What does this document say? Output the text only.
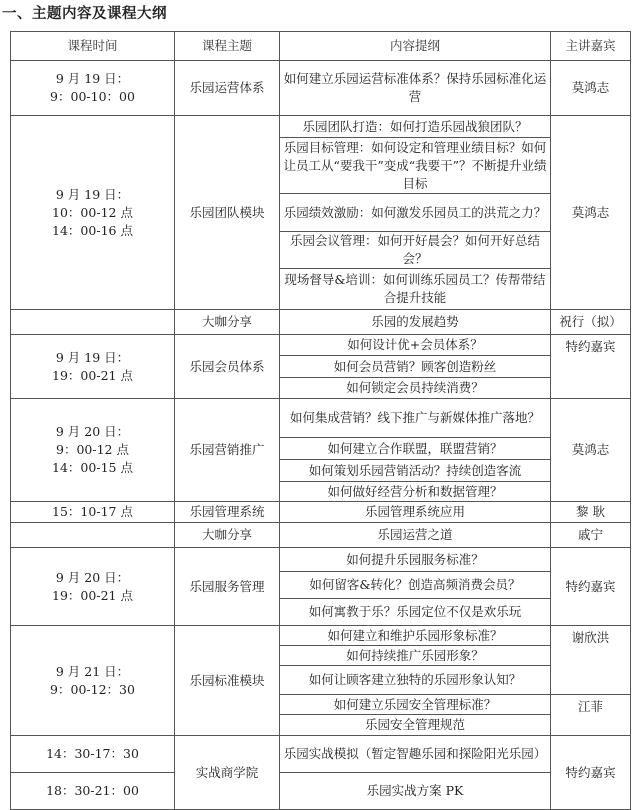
一、主题内容及课程大纲
课程时间	课程主题	内容提纲	主讲嘉宾
9 月 19 日：
9：00-10：00	乐园运营体系	如何建立乐园运营标准体系？保持乐园标准化运营	莫鸿志
9 月 19 日：
10：00-12 点
14：00-16 点	乐园团队模块	乐园团队打造：如何打造乐园战狼团队？	莫鸿志
		乐园目标管理：如何设定和管理业绩目标？如何让员工从“要我干”变成“我要干”？不断提升业绩目标	
		乐园绩效激励：如何激发乐园员工的洪荒之力？	
		乐园会议管理：如何开好晨会？如何开好总结会？	
		现场督导&培训：如何训练乐园员工？传帮带结合提升技能	
	大咖分享	乐园的发展趋势	祝行（拟）
9 月 19 日：
19：00-21 点	乐园会员体系	如何设计优+会员体系？	特约嘉宾
		如何会员营销？顾客创造粉丝	
		如何锁定会员持续消费？	
9 月 20 日：
9：00-12 点
14：00-15 点	乐园营销推广	如何集成营销？线下推广与新媒体推广落地？	莫鸿志
		如何建立合作联盟，联盟营销？	
		如何策划乐园营销活动？持续创造客流	
		如何做好经营分析和数据管理？	
15：10-17 点	乐园管理系统	乐园管理系统应用	黎 耿
	大咖分享	乐园运营之道	戚宁
9 月 20 日：
19：00-21 点	乐园服务管理	如何提升乐园服务标准？	特约嘉宾
		如何留客&转化？创造高频消费会员？	
		如何寓教于乐？乐园定位不仅是欢乐玩	
9 月 21 日：
9：00-12：30	乐园标准模块	如何建立和维护乐园形象标准？	谢欣洪
		如何持续推广乐园形象？	
		如何让顾客建立独特的乐园形象认知？	
		如何建立乐园安全管理标准？	江菲
		乐园安全管理规范	
14：30-17：30	实战商学院	乐园实战模拟（暂定智趣乐园和探险阳光乐园）	特约嘉宾
18：30-21：00		乐园实战方案 PK	
